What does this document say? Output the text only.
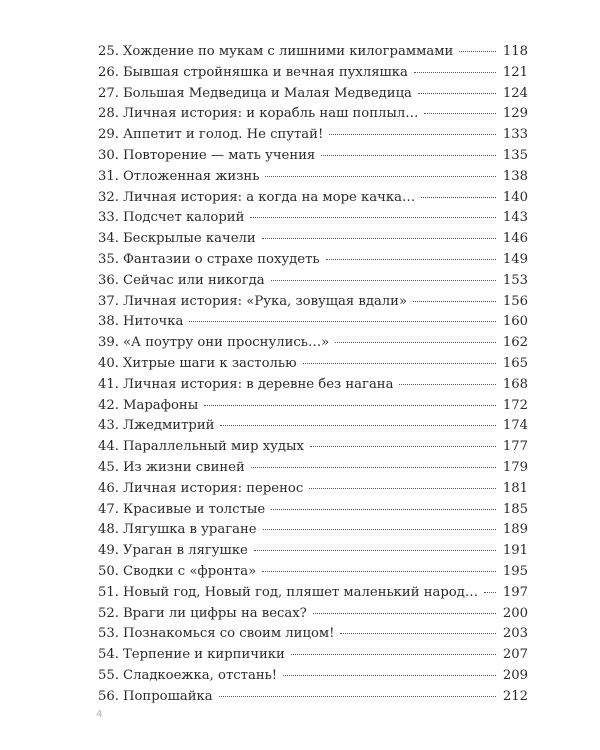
25. Хождение по мукам с лишними килограммами	118
26. Бывшая стройняшка и вечная пухляшка	121
27. Большая Медведица и Малая Медведица	124
28. Личная история: и корабль наш поплыл…	129
29. Аппетит и голод. Не спутай!	133
30. Повторение — мать учения	135
31. Отложенная жизнь	138
32. Личная история: а когда на море качка…	140
33. Подсчет калорий	143
34. Бескрылые качели	146
35. Фантазии о страхе похудеть	149
36. Сейчас или никогда	153
37. Личная история: «Рука, зовущая вдали»	156
38. Ниточка	160
39. «А поутру они проснулись…»	162
40. Хитрые шаги к застолью	165
41. Личная история: в деревне без нагана	168
42. Марафоны	172
43. Лжедмитрий	174
44. Параллельный мир худых	177
45. Из жизни свиней	179
46. Личная история: перенос	181
47. Красивые и толстые	185
48. Лягушка в урагане	189
49. Ураган в лягушке	191
50. Сводки с «фронта»	195
51. Новый год, Новый год, пляшет маленький народ… 197
52. Враги ли цифры на весах?	200
53. Познакомься со своим лицом!	203
54. Терпение и кирпичики	207
55. Сладкоежка, отстань!	209
56. Попрошайка	212
4
